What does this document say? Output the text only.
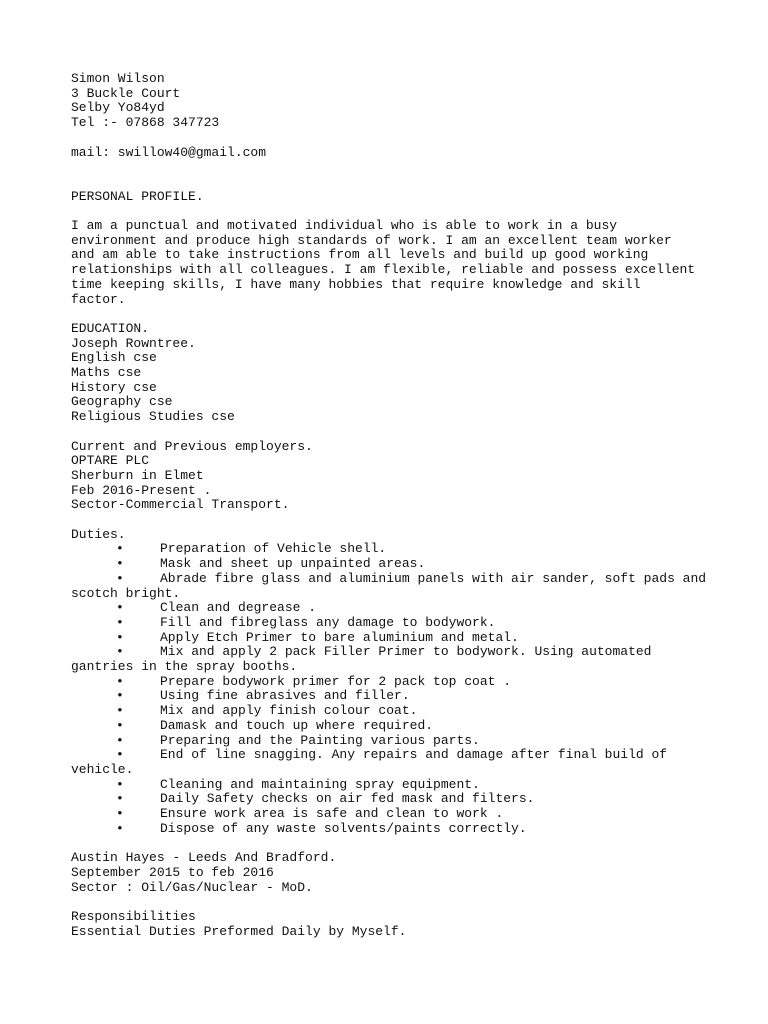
Simon Wilson
3 Buckle Court
Selby Yo84yd
Tel :- 07868 347723
mail: swillow40@gmail.com
PERSONAL PROFILE.
I am a punctual and motivated individual who is able to work in a busy environment and produce high standards of work. I am an excellent team worker and am able to take instructions from all levels and build up good working relationships with all colleagues. I am flexible, reliable and possess excellent time keeping skills, I have many hobbies that require knowledge and skill factor.
EDUCATION.
Joseph Rowntree.
English cse
Maths cse
History cse
Geography cse
Religious Studies cse
Current and Previous employers.
OPTARE PLC
Sherburn in Elmet
Feb 2016-Present .
Sector-Commercial Transport.
Duties.
•	Preparation of Vehicle shell.
•	Mask and sheet up unpainted areas.
•	Abrade fibre glass and aluminium panels with air sander, soft pads and scotch bright.
•	Clean and degrease .
•	Fill and fibreglass any damage to bodywork.
•	Apply Etch Primer to bare aluminium and metal.
•	Mix and apply 2 pack Filler Primer to bodywork. Using automated gantries in the spray booths.
•	Prepare bodywork primer for 2 pack top coat .
•	Using fine abrasives and filler.
•	Mix and apply finish colour coat.
•	Damask and touch up where required.
•	Preparing and the Painting various parts.
•	End of line snagging. Any repairs and damage after final build of vehicle.
•	Cleaning and maintaining spray equipment.
•	Daily Safety checks on air fed mask and filters.
•	Ensure work area is safe and clean to work .
•	Dispose of any waste solvents/paints correctly.
Austin Hayes - Leeds And Bradford.
September 2015 to feb 2016
Sector : Oil/Gas/Nuclear - MoD.
Responsibilities
Essential Duties Preformed Daily by Myself.
